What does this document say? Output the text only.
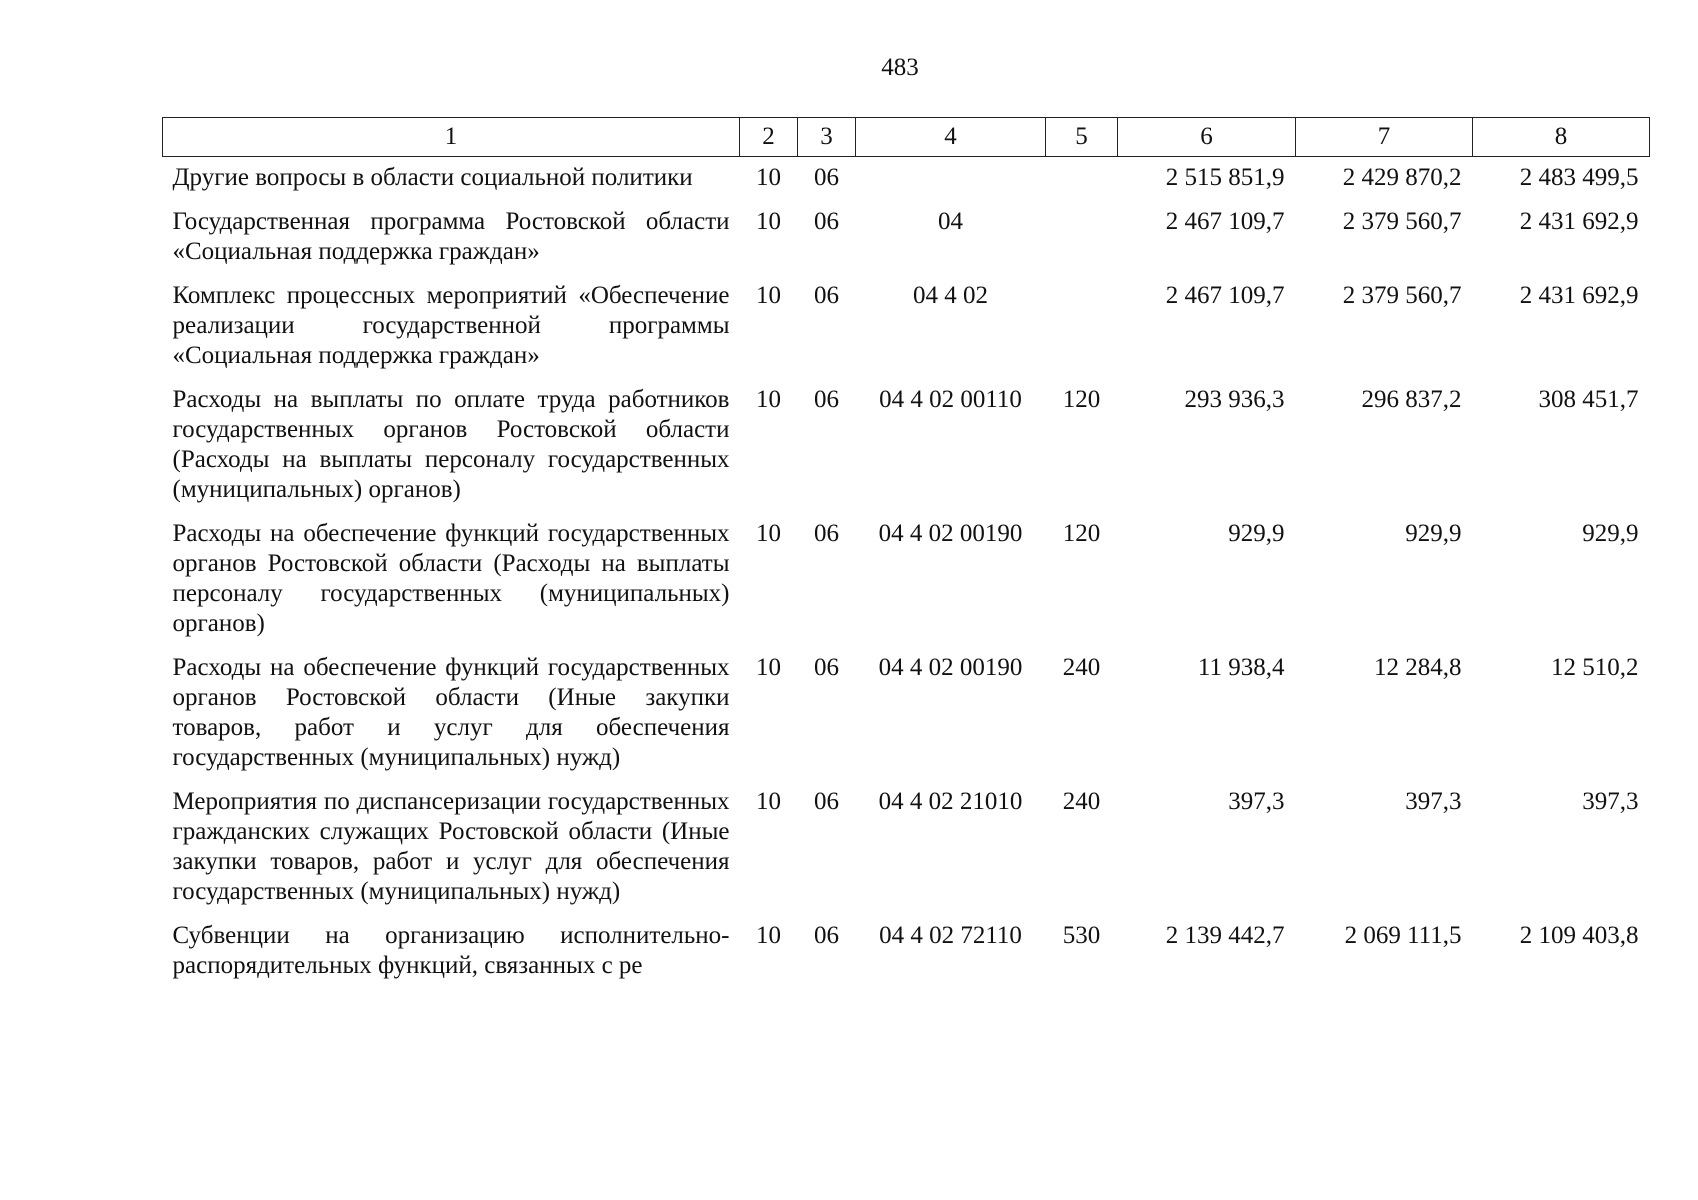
483
1	2	3	4	5	6	7	8
Другие вопросы в области социальной политики	10	06			2 515 851,9	2 429 870,2	2 483 499,5
Государственная программа Ростовской области «Социальная поддержка граждан»	10	06	04		2 467 109,7	2 379 560,7	2 431 692,9
Комплекс процессных мероприятий «Обеспечение реализации государственной программы «Социальная поддержка граждан»	10	06	04 4 02		2 467 109,7	2 379 560,7	2 431 692,9
Расходы на выплаты по оплате труда работников государственных органов Ростовской области (Расходы на выплаты персоналу государственных (муниципальных) органов)	10	06	04 4 02 00110	120	293 936,3	296 837,2	308 451,7
Расходы на обеспечение функций государственных органов Ростовской области (Расходы на выплаты персоналу государственных (муниципальных) органов)	10	06	04 4 02 00190	120	929,9	929,9	929,9
Расходы на обеспечение функций государственных органов Ростовской области (Иные закупки товаров, работ и услуг для обеспечения государственных (муниципальных) нужд)	10	06	04 4 02 00190	240	11 938,4	12 284,8	12 510,2
Мероприятия по диспансеризации государственных гражданских служащих Ростовской области (Иные закупки товаров, работ и услуг для обеспечения государственных (муниципальных) нужд)	10	06	04 4 02 21010	240	397,3	397,3	397,3
Субвенции на организацию исполнительно-распорядительных функций, связанных с ре	10	06	04 4 02 72110	530	2 139 442,7	2 069 111,5	2 109 403,8
